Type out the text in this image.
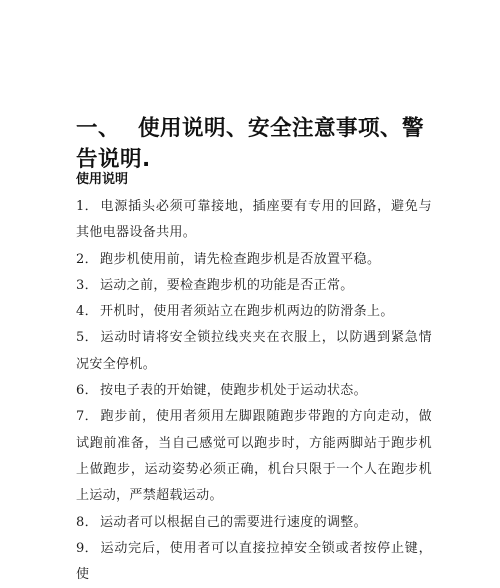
一、 使用说明、安全注意事项、警告说明.
使用说明
1． 电源插头必须可靠接地，插座要有专用的回路，避免与其他电器设备共用。
2． 跑步机使用前，请先检查跑步机是否放置平稳。
3． 运动之前，要检查跑步机的功能是否正常。
4． 开机时，使用者须站立在跑步机两边的防滑条上。
5． 运动时请将安全锁拉线夹夹在衣服上，以防遇到紧急情况安全停机。
6． 按电子表的开始键，使跑步机处于运动状态。
7． 跑步前，使用者须用左脚跟随跑步带跑的方向走动，做试跑前准备，当自己感觉可以跑步时，方能两脚站于跑步机上做跑步，运动姿势必须正确，机台只限于一个人在跑步机上运动，严禁超载运动。
8． 运动者可以根据自己的需要进行速度的调整。
9． 运动完后，使用者可以直接拉掉安全锁或者按停止键，使
